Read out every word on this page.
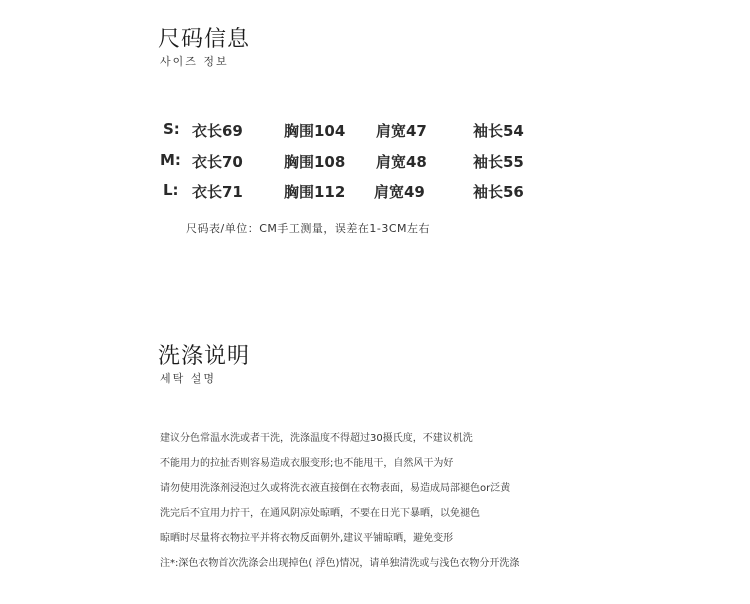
尺码信息
사이즈 정보
S: 衣长69	胸围104 肩宽47	袖长54
M: 衣长70	胸围108 肩宽48	袖长55
L: 衣长71	胸围112 肩宽49	袖长56
尺码表/单位：CM手工测量，误差在1-3CM左右
洗涤说明
세탁 설명
建议分色常温水洗或者干洗，洗涤温度不得超过30摄氏度，不建议机洗
不能用力的拉扯否则容易造成衣服变形;也不能甩干，自然风干为好
请勿使用洗涤剂浸泡过久或将洗衣液直接倒在衣物表面，易造成局部褪色or泛黄
洗完后不宜用力拧干，在通风阴凉处晾晒，不要在日光下暴晒，以免褪色
晾晒时尽量将衣物拉平并将衣物反面朝外,建议平铺晾晒，避免变形
注*:深色衣物首次洗涤会出现掉色( 浮色)情况，请单独清洗或与浅色衣物分开洗涤
